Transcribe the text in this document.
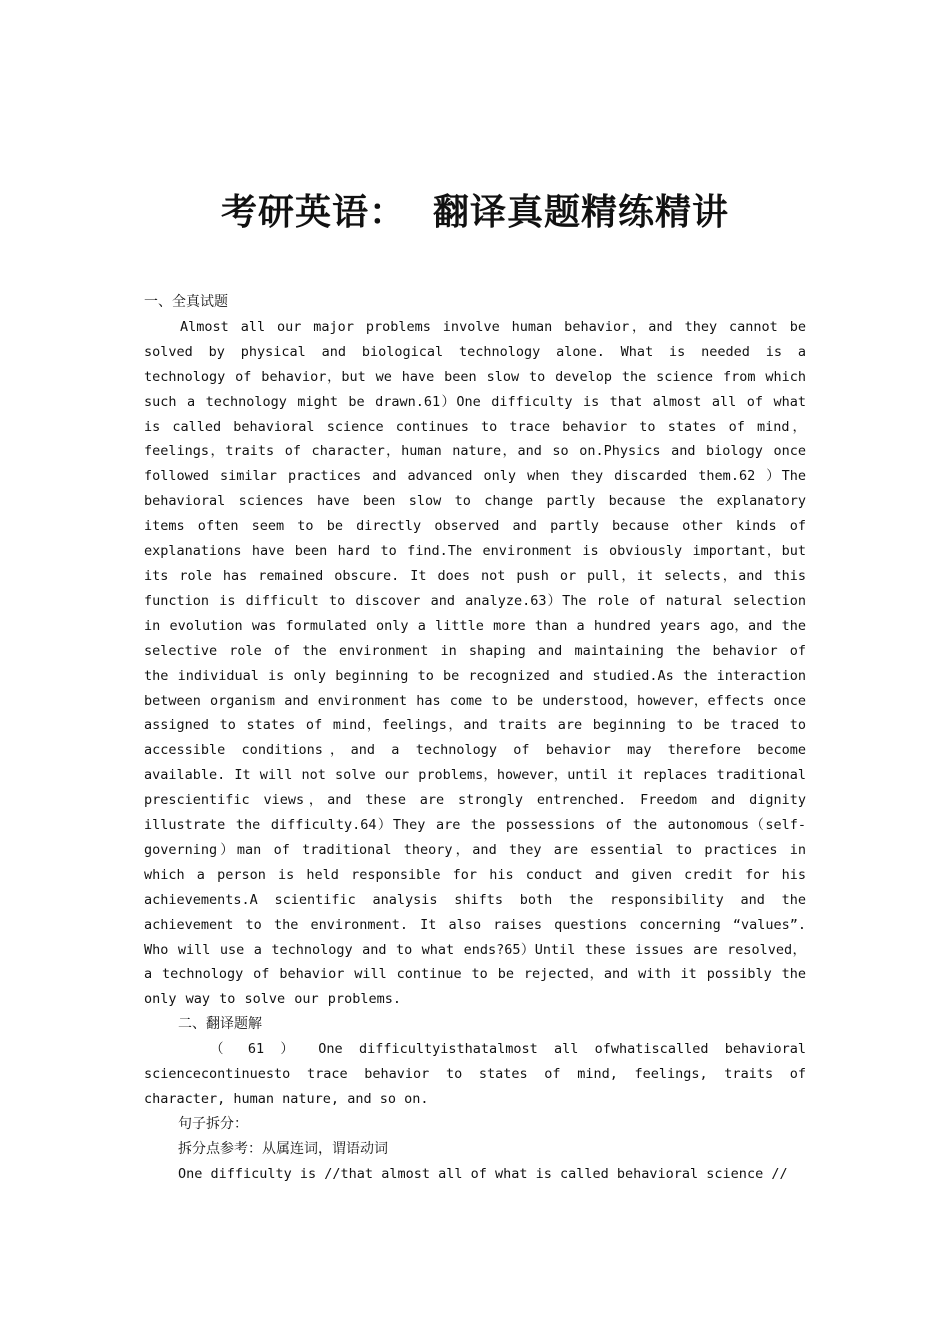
考研英语：  翻译真题精练精讲
一、全真试题

Almost all our major problems involve human behavior，and they cannot be solved by physical and biological technology alone. What is needed is a technology of behavior，but we have been slow to develop the science from which such a technology might be drawn.61）One difficulty is that almost all of what is called behavioral science continues to trace behavior to states of mind，feelings，traits of character，human nature，and so on.Physics and biology once followed similar practices and advanced only when they discarded them.62 ）The behavioral sciences have been slow to change partly because the explanatory items often seem to be directly observed and partly because other kinds of explanations have been hard to find.The environment is obviously important，but its role has remained obscure. It does not push or pull，it selects，and this function is difficult to discover and analyze.63）The role of natural selection in evolution was formulated only a little more than a hundred years ago，and the selective role of the environment in shaping and maintaining the behavior of the individual is only beginning to be recognized and studied.As the interaction between organism and environment has come to be understood，however，effects once assigned to states of mind，feelings，and traits are beginning to be traced to accessible conditions，and a technology of behavior may therefore become available. It will not solve our problems，however，until it replaces traditional prescientific views，and these are strongly entrenched. Freedom and dignity illustrate the difficulty.64）They are the possessions of the autonomous（self-governing）man of traditional theory，and they are essential to practices in which a person is held responsible for his conduct and given credit for his achievements.A scientific analysis shifts both the responsibility and the achievement to the environment. It also raises questions concerning “values”. Who will use a technology and to what ends?65）Until these issues are resolved，a technology of behavior will continue to be rejected，and with it possibly the only way to solve our problems.

二、翻译题解

（ 61 ） One difficultyisthatalmost all ofwhatiscalled behavioral sciencecontinuesto trace behavior to states of mind, feelings, traits of character, human nature, and so on.

句子拆分：
拆分点参考：从属连词，谓语动词
One difficulty is //that almost all of what is called behavioral science //
